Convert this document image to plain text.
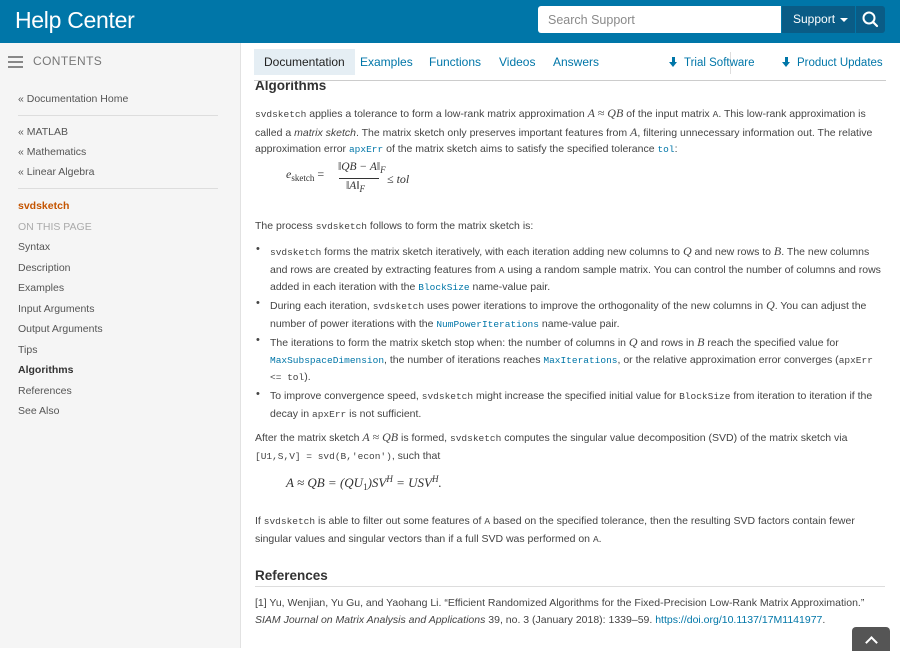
Help Center
Search Support	Support
CONTENTS
« Documentation Home
« MATLAB
« Mathematics
« Linear Algebra
svdsketch
ON THIS PAGE
Syntax
Description
Examples
Input Arguments
Output Arguments
Tips
Algorithms
References
See Also
Documentation	Examples Functions Videos Answers	Trial Software	Product Updates
Algorithms
svdsketch applies a tolerance to form a low-rank matrix approximation A ≈ QB of the input matrix A. This low-rank approximation is called a matrix sketch. The matrix sketch only preserves important features from A, filtering unnecessary information out. The relative approximation error apxErr of the matrix sketch aims to satisfy the specified tolerance tol:
$e_{sketch}$ = ‖QB − $A‖_F$
$‖A‖_F$
≤ tol
The process svdsketch follows to form the matrix sketch is:
• svdsketch forms the matrix sketch iteratively, with each iteration adding new columns to Q and new rows to B. The new columns and rows are created by extracting features from A using a random sample matrix. You can control the number of columns and rows added in each iteration with the BlockSize name-value pair.
• During each iteration, svdsketch uses power iterations to improve the orthogonality of the new columns in Q. You can adjust the number of power iterations with the NumPowerIterations name-value pair.
• The iterations to form the matrix sketch stop when: the number of columns in Q and rows in B reach the specified value for MaxSubspaceDimension, the number of iterations reaches MaxIterations, or the relative approximation error converges (apxErr <= tol).
• To improve convergence speed, svdsketch might increase the specified initial value for BlockSize from iteration to iteration if the decay in apxErr is not sufficient.
After the matrix sketch A ≈ QB is formed, svdsketch computes the singular value decomposition (SVD) of the matrix sketch via [U1,S,V] = svd(B,'econ'), such that
A ≈ QB = $(QU_1)SV^H = USV^H$.
If svdsketch is able to filter out some features of A based on the specified tolerance, then the resulting SVD factors contain fewer singular values and singular vectors than if a full SVD was performed on A.
References
[1] Yu, Wenjian, Yu Gu, and Yaohang Li. “Efficient Randomized Algorithms for the Fixed-Precision Low-Rank Matrix Approximation.” SIAM Journal on Matrix Analysis and Applications 39, no. 3 (January 2018): 1339–59. https://doi.org/10.1137/17M1141977.
